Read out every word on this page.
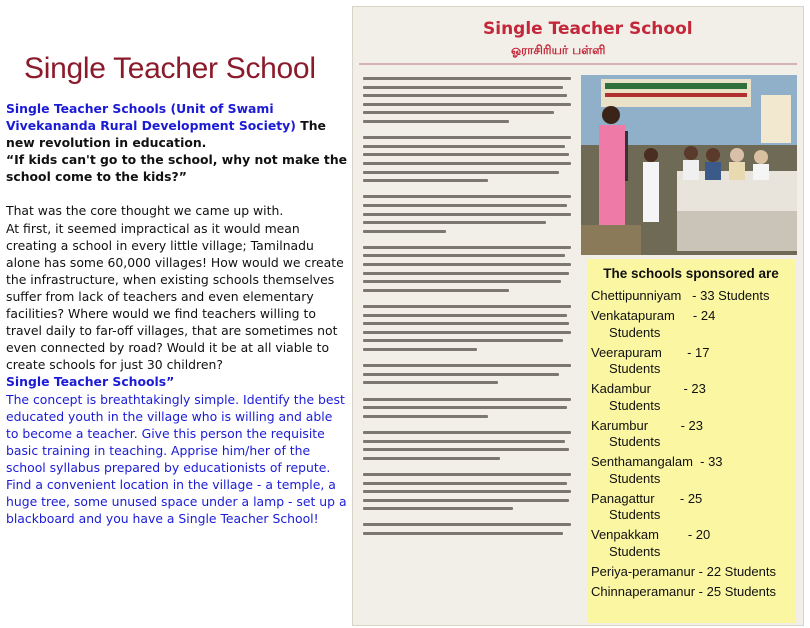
Single Teacher School

Single Teacher Schools (Unit of Swami Vivekananda Rural Development Society) The new revolution in education.

“If kids can't go to the school, why not make the school come to the kids?”

That was the core thought we came up with.

At first, it seemed impractical as it would mean creating a school in every little village; Tamilnadu alone has some 60,000 villages! How would we create the infrastructure, when existing schools themselves suffer from lack of teachers and even elementary facilities? Where would we find teachers willing to travel daily to far-off villages, that are sometimes not even connected by road? Would it be at all viable to create schools for just 30 children?

Single Teacher Schools”

The concept is breathtakingly simple. Identify the best educated youth in the village who is willing and able to become a teacher. Give this person the requisite basic training in teaching. Apprise him/her of the school syllabus prepared by educationists of repute. Find a convenient location in the village - a temple, a huge tree, some unused space under a lamp - set up a blackboard and you have a Single Teacher School!

Single Teacher School
ஓராசிரியர் பள்ளி
The schools sponsored are
Chettipunniyam   - 33 Students
Venkatapuram     - 24
Students
Veerapuram       - 17
Students
Kadambur         - 23
Students
Karumbur         - 23
Students
Senthamangalam  - 33
Students
Panagattur       - 25
Students
Venpakkam        - 20
Students
Periya-peramanur - 22 Students
Chinnaperamanur - 25 Students
